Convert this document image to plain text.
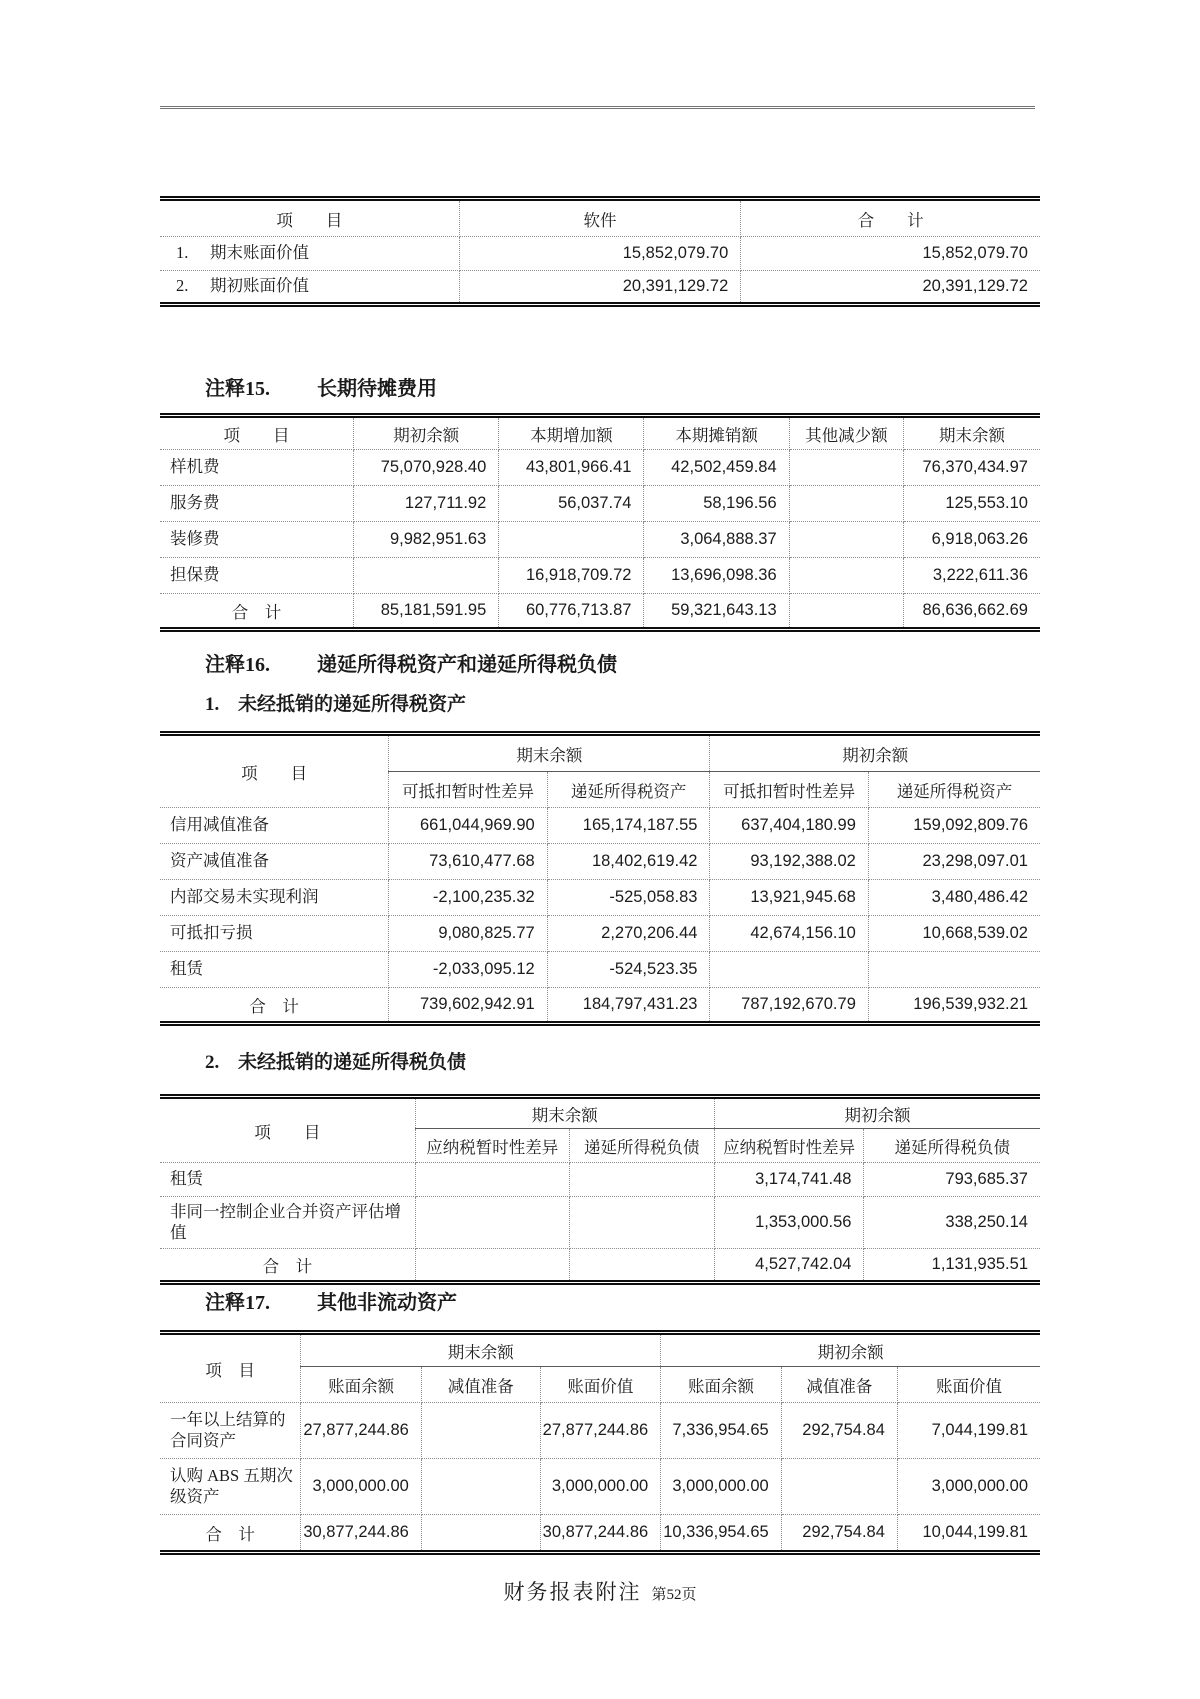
项　　目	软件	合　　计
1. 期末账面价值	15,852,079.70	15,852,079.70
2. 期初账面价值	20,391,129.72	20,391,129.72
注释15. 长期待摊费用
项　　目	期初余额	本期增加额	本期摊销额	其他减少额	期末余额
样机费	75,070,928.40	43,801,966.41	42,502,459.84		76,370,434.97
服务费	127,711.92	56,037.74	58,196.56		125,553.10
装修费	9,982,951.63		3,064,888.37		6,918,063.26
担保费		16,918,709.72	13,696,098.36		3,222,611.36
合　计	85,181,591.95	60,776,713.87	59,321,643.13		86,636,662.69
注释16. 递延所得税资产和递延所得税负债
1. 未经抵销的递延所得税资产
项　　目	期末余额		期初余额	
	可抵扣暂时性差异	递延所得税资产	可抵扣暂时性差异	递延所得税资产
信用减值准备	661,044,969.90	165,174,187.55	637,404,180.99	159,092,809.76
资产减值准备	73,610,477.68	18,402,619.42	93,192,388.02	23,298,097.01
内部交易未实现利润	-2,100,235.32	-525,058.83	13,921,945.68	3,480,486.42
可抵扣亏损	9,080,825.77	2,270,206.44	42,674,156.10	10,668,539.02
租赁	-2,033,095.12	-524,523.35		
合　计	739,602,942.91	184,797,431.23	787,192,670.79	196,539,932.21
2. 未经抵销的递延所得税负债
项　　目	期末余额		期初余额	
	应纳税暂时性差异	递延所得税负债	应纳税暂时性差异	递延所得税负债
租赁			3,174,741.48	793,685.37
非同一控制企业合并资产评估增值			1,353,000.56	338,250.14
合　计			4,527,742.04	1,131,935.51
注释17. 其他非流动资产
项　目	期末余额			期初余额		
	账面余额	减值准备	账面价值	账面余额	减值准备	账面价值
一年以上结算的合同资产	27,877,244.86		27,877,244.86	7,336,954.65	292,754.84	7,044,199.81
认购 ABS 五期次级资产	3,000,000.00		3,000,000.00	3,000,000.00		3,000,000.00
合　计	30,877,244.86		30,877,244.86	10,336,954.65	292,754.84	10,044,199.81
财务报表附注 第52页
